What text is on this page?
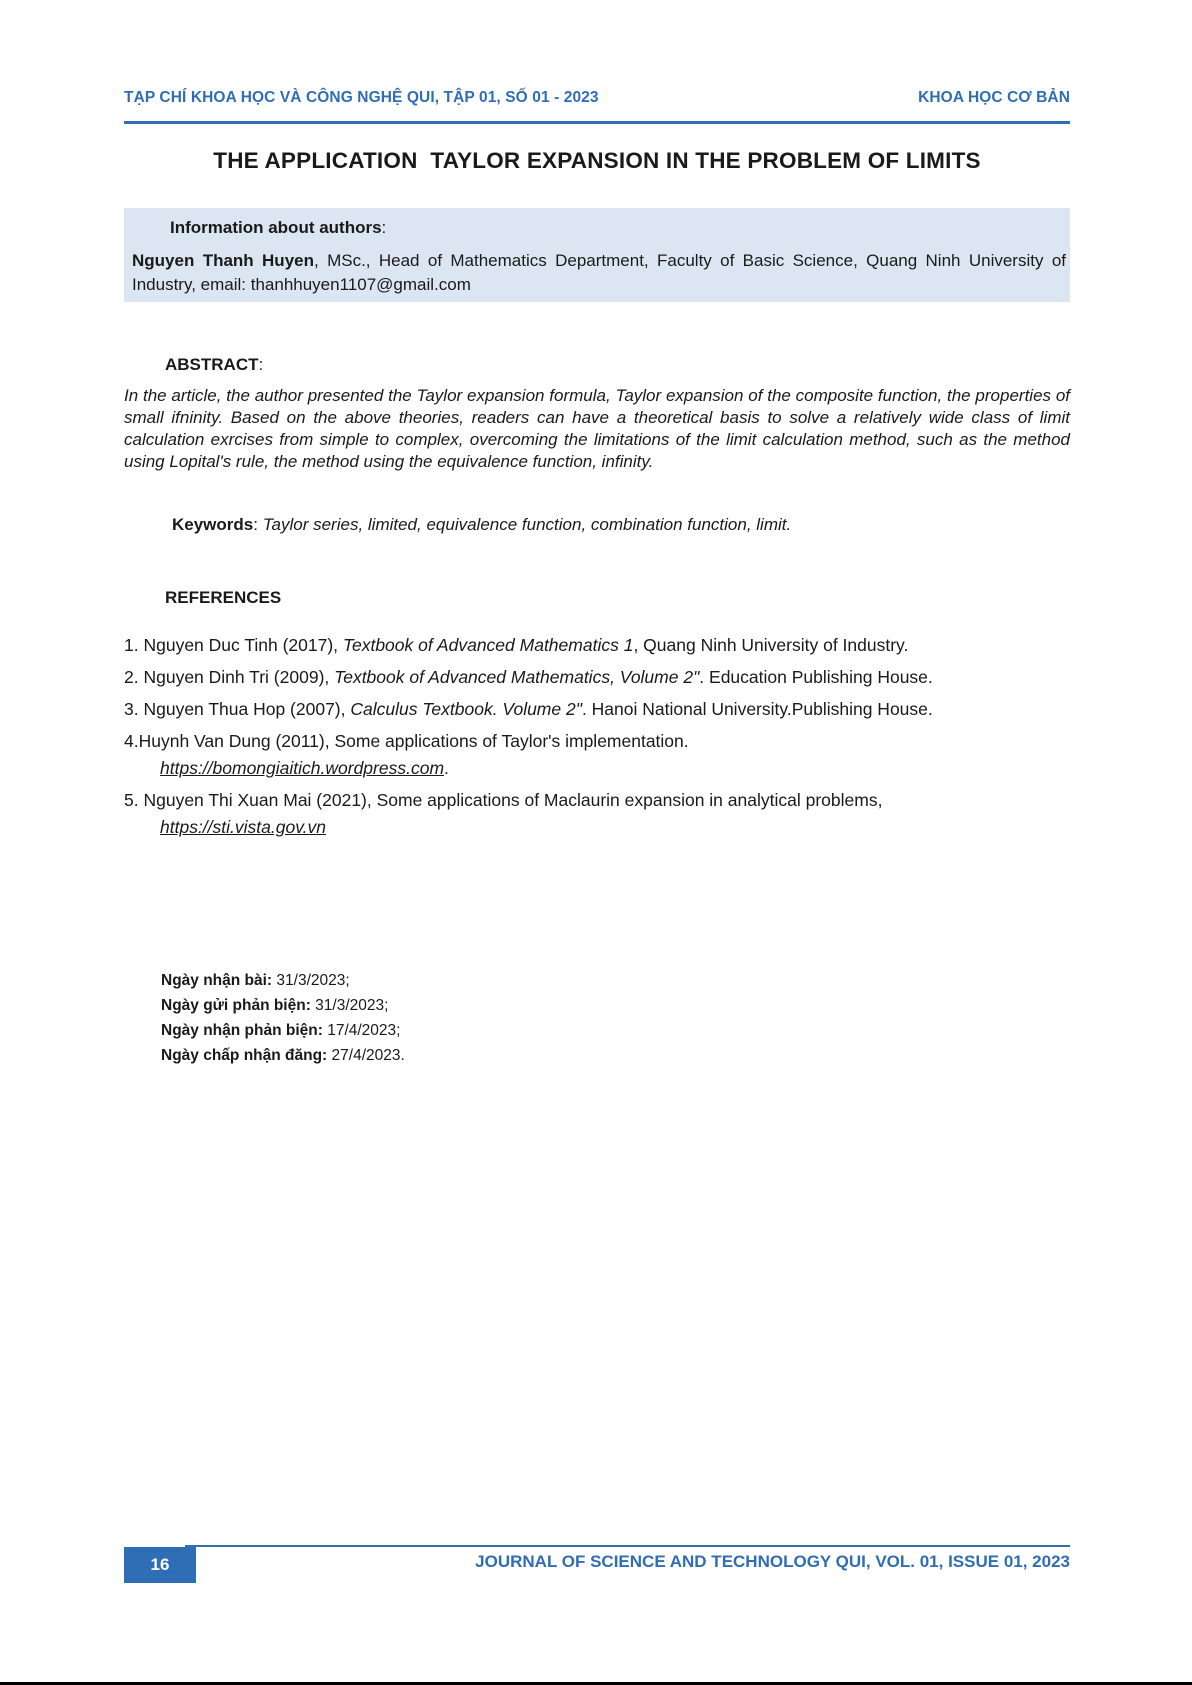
TẠP CHÍ KHOA HỌC VÀ CÔNG NGHỆ QUI, TẬP 01, SỐ 01 - 2023	KHOA HỌC CƠ BẢN
THE APPLICATION  TAYLOR EXPANSION IN THE PROBLEM OF LIMITS
Information about authors:
Nguyen Thanh Huyen, MSc., Head of Mathematics Department, Faculty of Basic Science, Quang Ninh University of Industry, email: thanhhuyen1107@gmail.com
ABSTRACT:
In the article, the author presented the Taylor expansion formula, Taylor expansion of the composite function, the properties of small ifninity. Based on the above theories, readers can have a theoretical basis to solve a relatively wide class of limit calculation exrcises from simple to complex, overcoming the limitations of the limit calculation method, such as the method using Lopital's rule, the method using the equivalence function, infinity.
Keywords: Taylor series, limited, equivalence function, combination function, limit.
REFERENCES
1. Nguyen Duc Tinh (2017), Textbook of Advanced Mathematics 1, Quang Ninh University of Industry.
2. Nguyen Dinh Tri (2009), Textbook of Advanced Mathematics, Volume 2". Education Publishing House.
3. Nguyen Thua Hop (2007), Calculus Textbook. Volume 2". Hanoi National University.Publishing House.
4.Huynh Van Dung (2011), Some applications of Taylor's implementation.
https://bomongiaitich.wordpress.com.
5. Nguyen Thi Xuan Mai (2021), Some applications of Maclaurin expansion in analytical problems,
https://sti.vista.gov.vn
Ngày nhận bài: 31/3/2023;
Ngày gửi phản biện: 31/3/2023;
Ngày nhận phản biện: 17/4/2023;
Ngày chấp nhận đăng: 27/4/2023.
16	JOURNAL OF SCIENCE AND TECHNOLOGY QUI, VOL. 01, ISSUE 01, 2023
